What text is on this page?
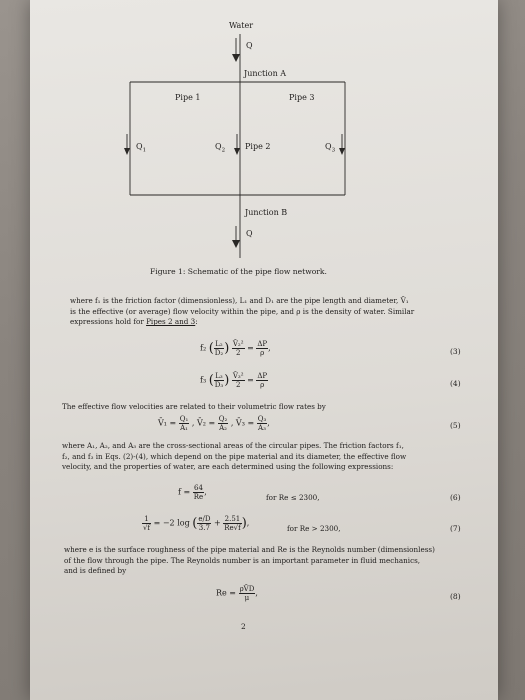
Water
Q
Junction A
Pipe 1	Pipe 3
$Q_1$	$Q_2$ Pipe 2	$Q_3$
Junction B
Q
Figure 1: Schematic of the pipe flow network.
where f₁ is the friction factor (dimensionless), L₁ and D₁ are the pipe length and diameter, V̄₁
is the effective (or average) flow velocity within the pipe, and ρ is the density of water. Similar
expressions hold for Pipes 2 and 3:
f₂ ( $\frac{\text{L₂}}{\text{D₂}}$ ) $\frac{\text{V̄₂²}}{2} = \frac{\Delta P}{\rho}$ ,	(3)
f₃ ( $\frac{\text{L₃}}{\text{D₃}}$ ) $\frac{\text{V̄₃²}}{2} = \frac{\Delta P}{\rho}$	(4)
The effective flow velocities are related to their volumetric flow rates by
V̄₁ = $\frac{\text{Q₁}}{\text{A₁}}$ , V̄₂ = $\frac{\text{Q₂}}{\text{A₂}}$ , V̄₃ = $\frac{\text{Q₃}}{\text{A₃}}$ ,	(5)
where A₁, A₂, and A₃ are the cross-sectional areas of the circular pipes. The friction factors f₁,
f₂, and f₃ in Eqs. (2)-(4), which depend on the pipe material and its diameter, the effective flow
velocity, and the properties of water, are each determined using the following expressions:
$f = \frac{64}{Re}$ ,
for Re ≤ 2300,	(6)
$\frac{1}{√f} = -2$ log ( $\frac{e/D}{3.7} + \frac{2.51}{Re√f}$ ),
for Re > 2300,	(7)
where e is the surface roughness of the pipe material and Re is the Reynolds number (dimensionless)
of the flow through the pipe. The Reynolds number is an important parameter in fluid mechanics,
and is defined by
$Re = \frac{\rho V̄D}{\mu}$ ,	(8)
2
